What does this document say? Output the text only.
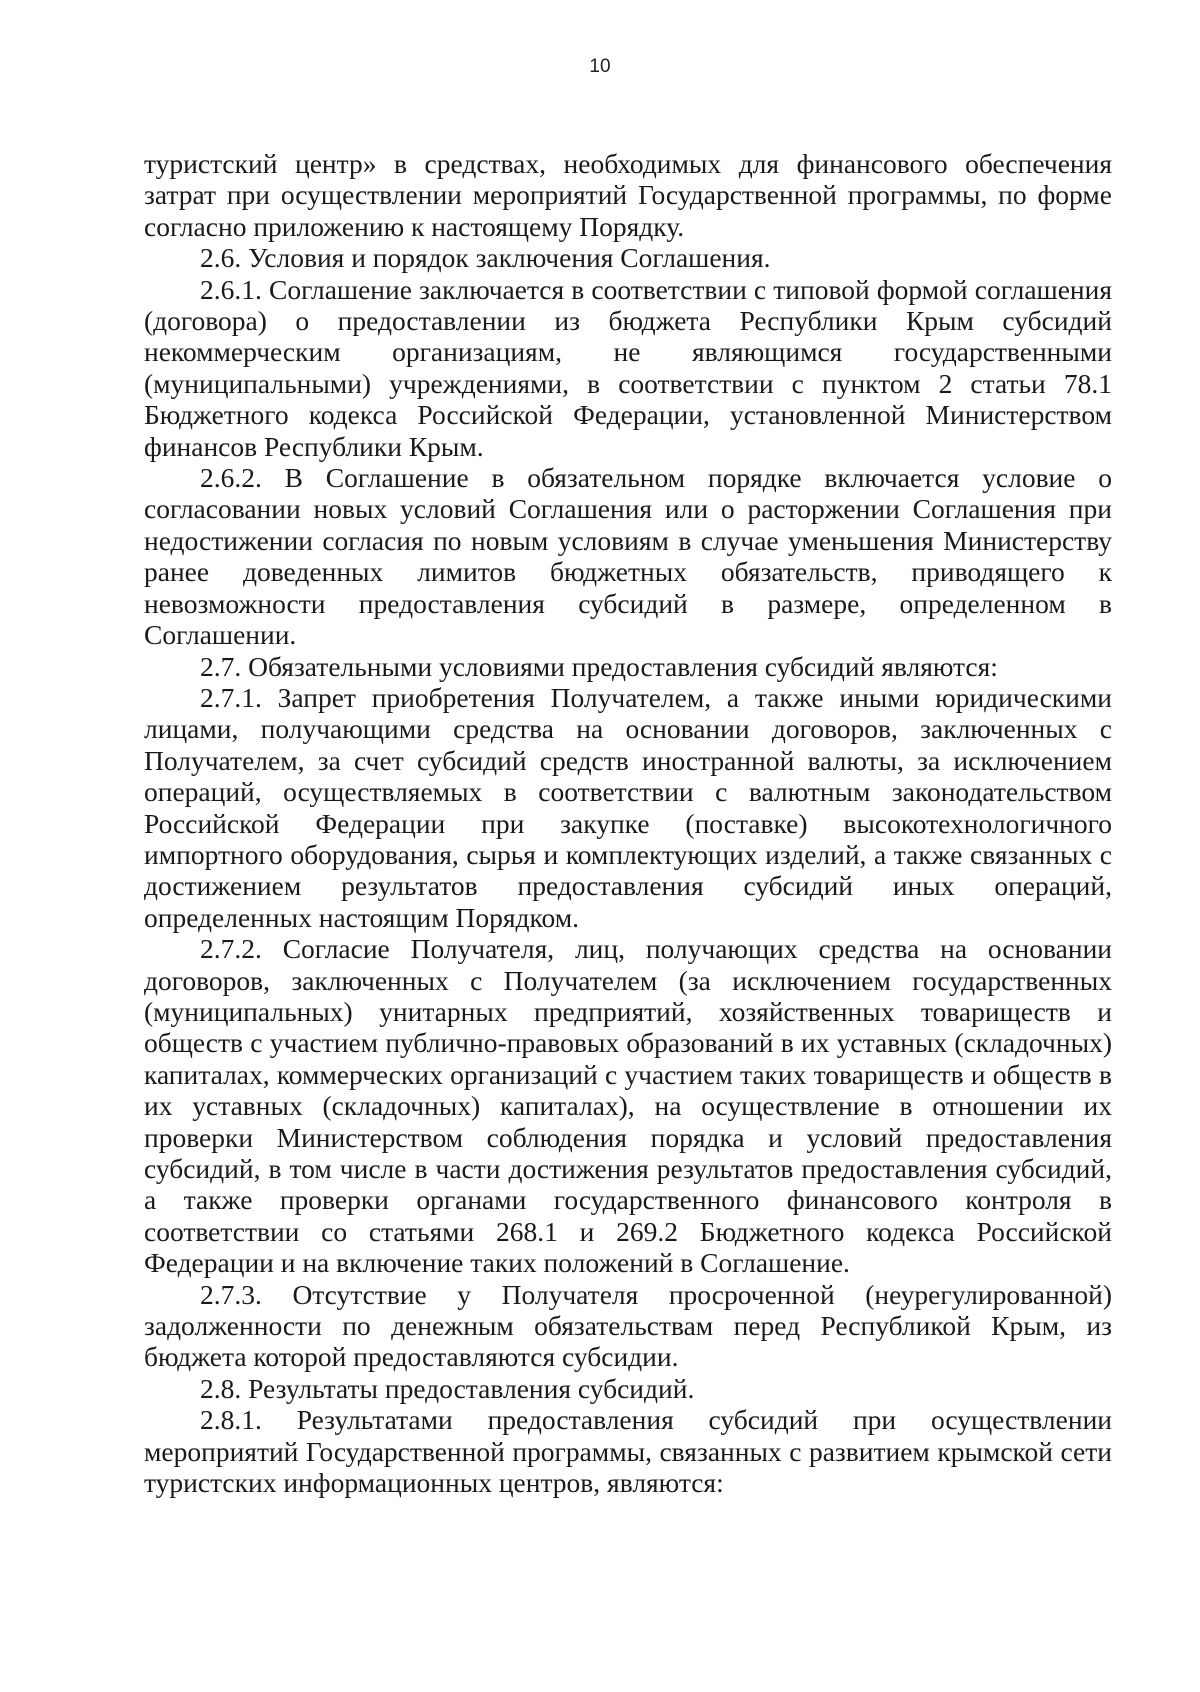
10

туристский центр» в средствах, необходимых для финансового обеспечения затрат при осуществлении мероприятий Государственной программы, по форме согласно приложению к настоящему Порядку.

2.6. Условия и порядок заключения Соглашения.

2.6.1. Соглашение заключается в соответствии с типовой формой соглашения (договора) о предоставлении из бюджета Республики Крым субсидий некоммерческим организациям, не являющимся государственными (муниципальными) учреждениями, в соответствии с пунктом 2 статьи 78.1 Бюджетного кодекса Российской Федерации, установленной Министерством финансов Республики Крым.

2.6.2. В Соглашение в обязательном порядке включается условие о согласовании новых условий Соглашения или о расторжении Соглашения при недостижении согласия по новым условиям в случае уменьшения Министерству ранее доведенных лимитов бюджетных обязательств, приводящего к невозможности предоставления субсидий в размере, определенном в Соглашении.

2.7. Обязательными условиями предоставления субсидий являются:

2.7.1. Запрет приобретения Получателем, а также иными юридическими лицами, получающими средства на основании договоров, заключенных с Получателем, за счет субсидий средств иностранной валюты, за исключением операций, осуществляемых в соответствии с валютным законодательством Российской Федерации при закупке (поставке) высокотехнологичного импортного оборудования, сырья и комплектующих изделий, а также связанных с достижением результатов предоставления субсидий иных операций, определенных настоящим Порядком.

2.7.2. Согласие Получателя, лиц, получающих средства на основании договоров, заключенных с Получателем (за исключением государственных (муниципальных) унитарных предприятий, хозяйственных товариществ и обществ с участием публично-правовых образований в их уставных (складочных) капиталах, коммерческих организаций с участием таких товариществ и обществ в их уставных (складочных) капиталах), на осуществление в отношении их проверки Министерством соблюдения порядка и условий предоставления субсидий, в том числе в части достижения результатов предоставления субсидий, а также проверки органами государственного финансового контроля в соответствии со статьями 268.1 и 269.2 Бюджетного кодекса Российской Федерации и на включение таких положений в Соглашение.

2.7.3. Отсутствие у Получателя просроченной (неурегулированной) задолженности по денежным обязательствам перед Республикой Крым, из бюджета которой предоставляются субсидии.

2.8. Результаты предоставления субсидий.

2.8.1. Результатами предоставления субсидий при осуществлении мероприятий Государственной программы, связанных с развитием крымской сети туристских информационных центров, являются:
